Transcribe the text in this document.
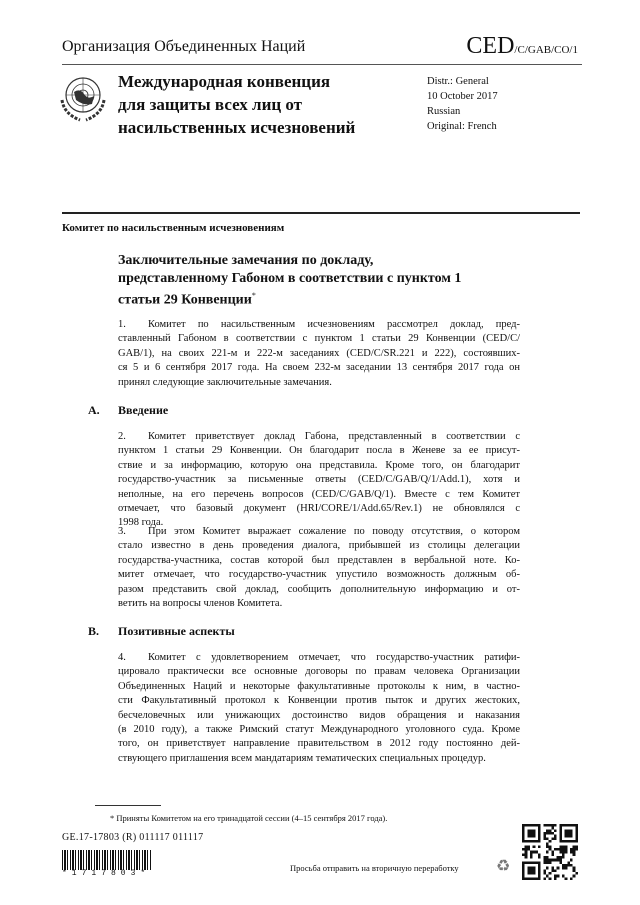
Организация Объединенных Наций	CED/C/GAB/CO/1
Международная конвенция
для защиты всех лиц от
насильственных исчезновений
Distr.: General
10 October 2017
Russian
Original: French
Комитет по насильственным исчезновениям
Заключительные замечания по докладу,
представленному Габоном в соответствии с пунктом 1
статьи 29 Конвенции*
1. Комитет по насильственным исчезновениям рассмотрел доклад, пред-
ставленный Габоном в соответствии с пунктом 1 статьи 29 Конвенции (CED/C/
GAB/1), на своих 221-м и 222-м заседаниях (CED/C/SR.221 и 222), состоявших-
ся 5 и 6 сентября 2017 года. На своем 232-м заседании 13 сентября 2017 года он
принял следующие заключительные замечания.
A. Введение
2. Комитет приветствует доклад Габона, представленный в соответствии с
пунктом 1 статьи 29 Конвенции. Он благодарит посла в Женеве за ее присут-
ствие и за информацию, которую она представила. Кроме того, он благодарит
государство-участник за письменные ответы (CED/C/GAB/Q/1/Add.1), хотя и
неполные, на его перечень вопросов (CED/C/GAB/Q/1). Вместе с тем Комитет
отмечает, что базовый документ (HRI/CORE/1/Add.65/Rev.1) не обновлялся с
1998 года.
3. При этом Комитет выражает сожаление по поводу отсутствия, о котором
стало известно в день проведения диалога, прибывшей из столицы делегации
государства-участника, состав которой был представлен в вербальной ноте. Ко-
митет отмечает, что государство-участник упустило возможность должным об-
разом представить свой доклад, сообщить дополнительную информацию и от-
ветить на вопросы членов Комитета.
B. Позитивные аспекты
4. Комитет с удовлетворением отмечает, что государство-участник ратифи-
цировало практически все основные договоры по правам человека Организации
Объединенных Наций и некоторые факультативные протоколы к ним, в частно-
сти Факультативный протокол к Конвенции против пыток и других жестоких,
бесчеловечных или унижающих достоинство видов обращения и наказания
(в 2010 году), а также Римский статут Международного уголовного суда. Кроме
того, он приветствует направление правительством в 2012 году постоянно дей-
ствующего приглашения всем мандатариям тематических специальных процедур.
* Приняты Комитетом на его тринадцатой сессии (4–15 сентября 2017 года).
GE.17-17803 (R) 011117 011117
*1717803*
Просьба отправить на вторичную переработку ♻
